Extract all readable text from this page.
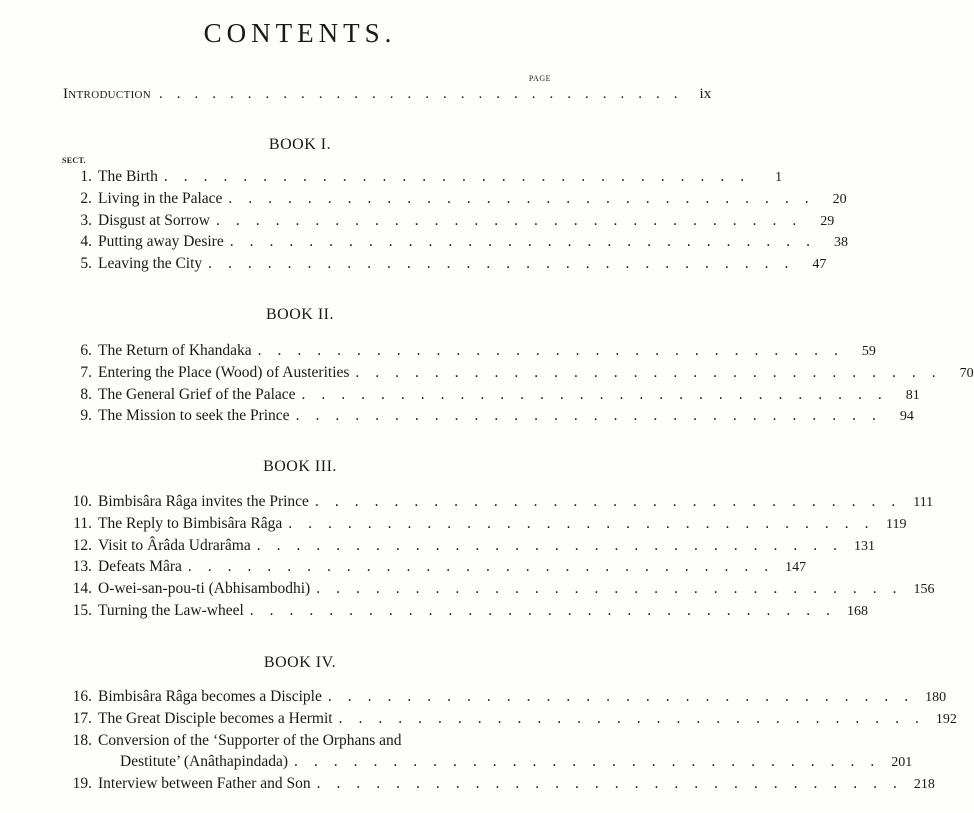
CONTENTS.
PAGE
Introduction .............................. ix
BOOK I.
SECT.
1. The Birth ..............................	1
2. Living in the Palace .............................. 20
3. Disgust at Sorrow .............................. 29
4. Putting away Desire .............................. 38
5. Leaving the City .............................. 47
BOOK II.
6. The Return of Khandaka .............................. 59
7. Entering the Place (Wood) of Austerities .............................. 70
8. The General Grief of the Palace .............................. 81
9. The Mission to seek the Prince .............................. 94
BOOK III.
10. Bimbisâra Râga invites the Prince .............................. 111
11. The Reply to Bimbisâra Râga .............................. 119
12. Visit to Ârâda Udrarâma .............................. 131
13. Defeats Mâra .............................. 147
14. O-wei-san-pou-ti (Abhisambodhi) .............................. 156
15. Turning the Law-wheel .............................. 168
BOOK IV.
16. Bimbisâra Râga becomes a Disciple .............................. 180
17. The Great Disciple becomes a Hermit .............................. 192
18. Conversion of the ‘Supporter of the Orphans and
Destitute’ (Anâthapindada) .............................. 201
19. Interview between Father and Son .............................. 218
